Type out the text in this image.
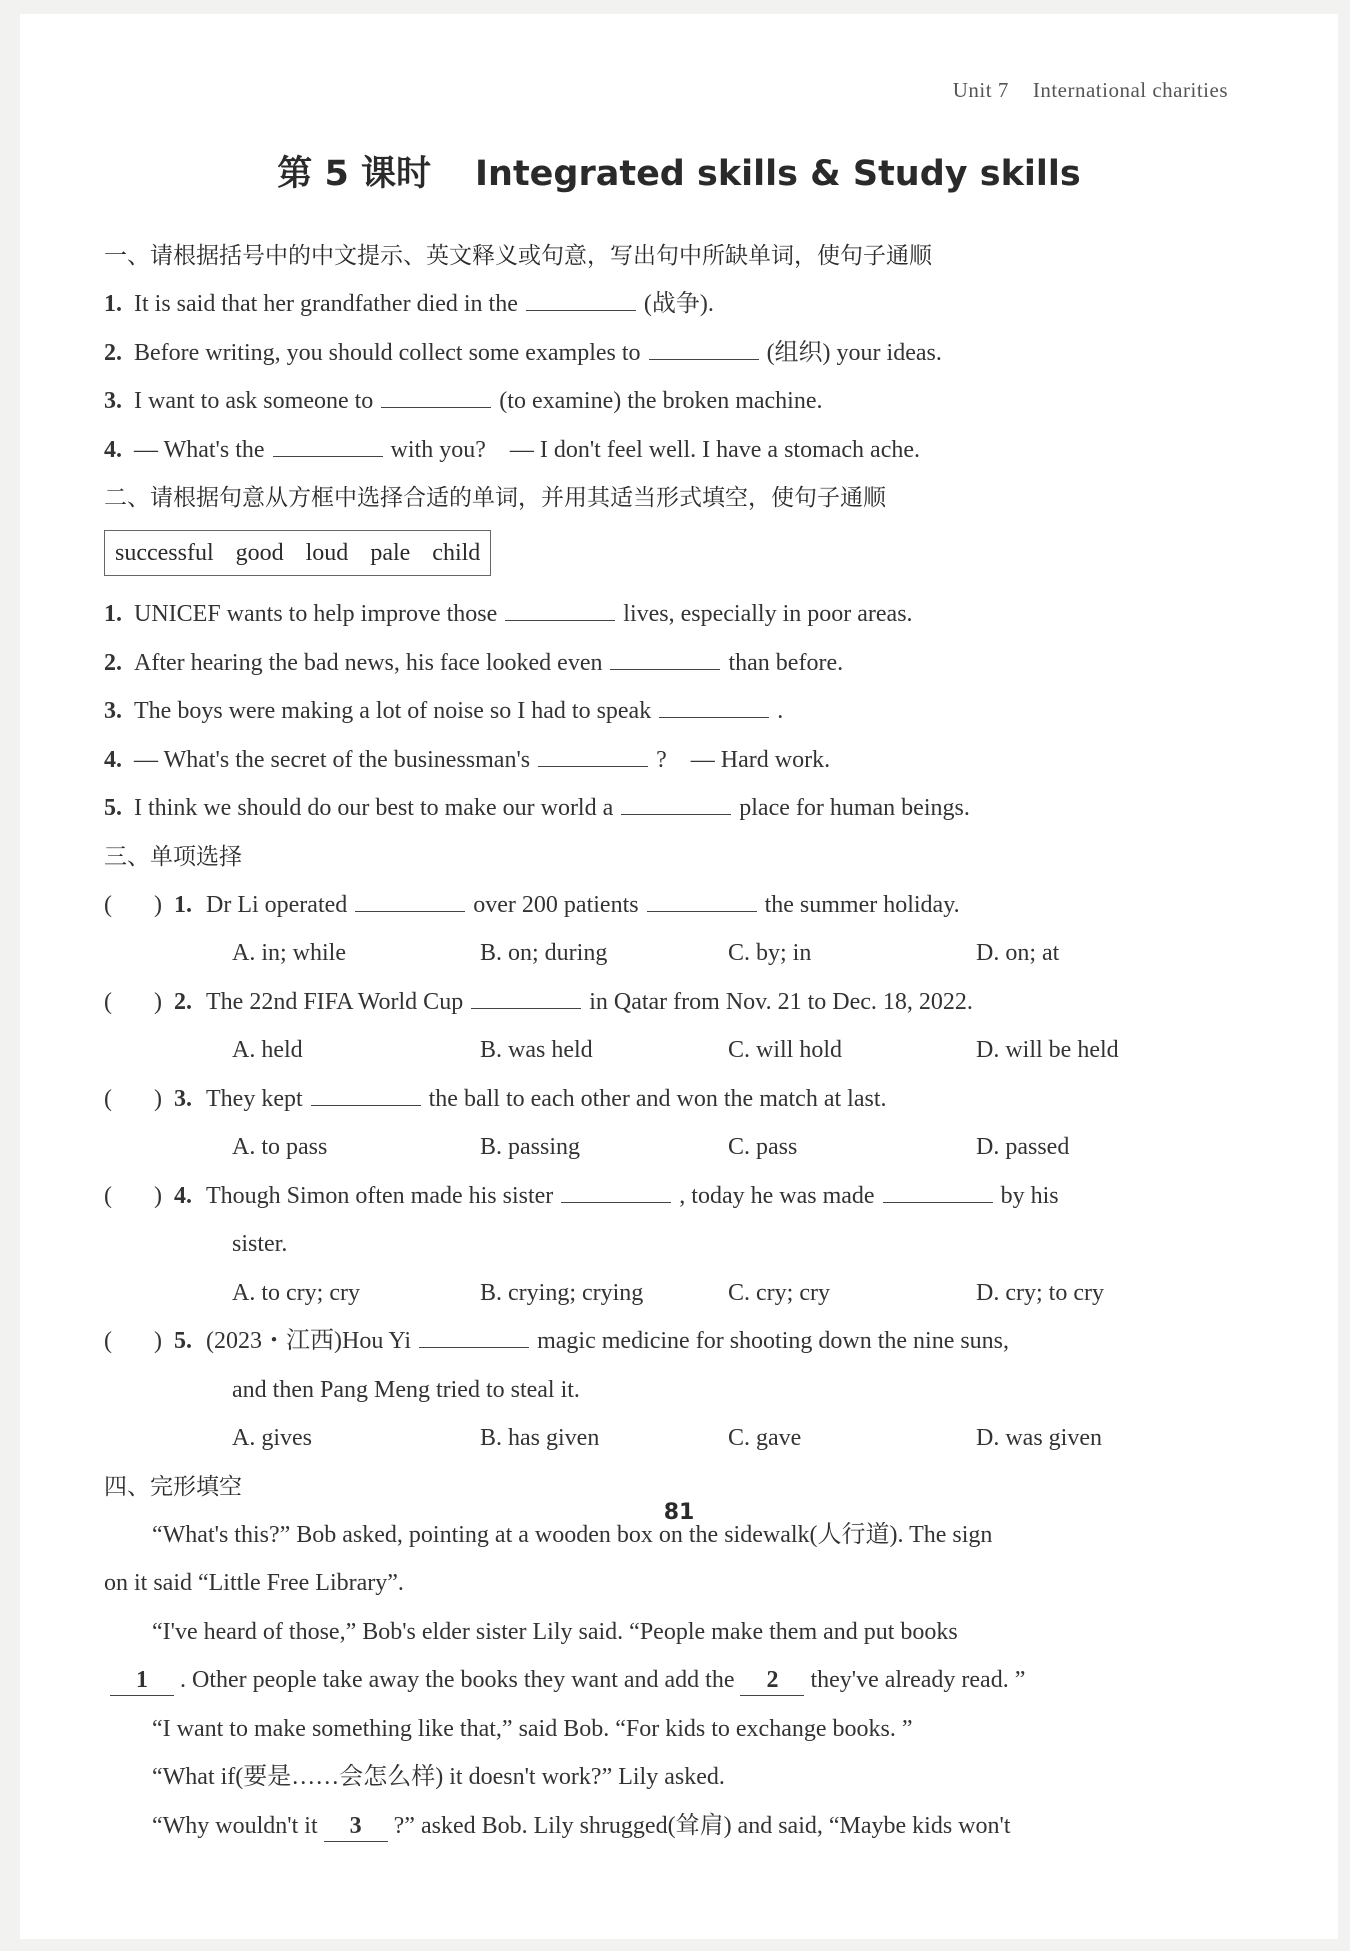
Unit 7 International charities
第 5 课时 Integrated skills & Study skills
一、请根据括号中的中文提示、英文释义或句意，写出句中所缺单词，使句子通顺
1. It is said that her grandfather died in the	(战争).
2. Before writing, you should collect some examples to	(组织) your ideas.
3. I want to ask someone to	(to examine) the broken machine.
4. — What's the	with you?　— I don't feel well. I have a stomach ache.
二、请根据句意从方框中选择合适的单词，并用其适当形式填空，使句子通顺
successful good loud pale child
1. UNICEF wants to help improve those	lives, especially in poor areas.
2. After hearing the bad news, his face looked even	than before.
3. The boys were making a lot of noise so I had to speak	.
4. — What's the secret of the businessman's	?　— Hard work.
5. I think we should do our best to make our world a	place for human beings.
三、单项选择
( ) 1. Dr Li operated	over 200 patients	the summer holiday.
A. in; while	B. on; during	C. by; in	D. on; at
( ) 2. The 22nd FIFA World Cup	in Qatar from Nov. 21 to Dec. 18, 2022.
A. held	B. was held	C. will hold	D. will be held
( ) 3. They kept	the ball to each other and won the match at last.
A. to pass	B. passing	C. pass	D. passed
( ) 4. Though Simon often made his sister	, today he was made	by his
sister.
A. to cry; cry	B. crying; crying	C. cry; cry	D. cry; to cry
( ) 5. (2023・江西)Hou Yi	magic medicine for shooting down the nine suns,
and then Pang Meng tried to steal it.
A. gives	B. has given	C. gave	D. was given
四、完形填空
“What's this?” Bob asked, pointing at a wooden box on the sidewalk(人行道). The sign
on it said “Little Free Library”.
“I've heard of those,” Bob's elder sister Lily said. “People make them and put books
1 . Other people take away the books they want and add the 2 they've already read. ”
“I want to make something like that,” said Bob. “For kids to exchange books. ”
“What if(要是……会怎么样) it doesn't work?” Lily asked.
“Why wouldn't it 3 ?” asked Bob. Lily shrugged(耸肩) and said, “Maybe kids won't
81
